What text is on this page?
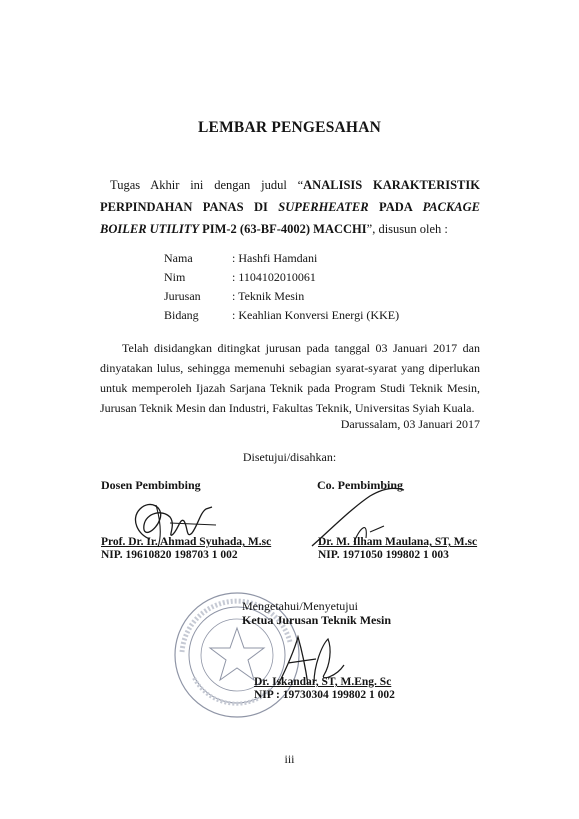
LEMBAR PENGESAHAN
Tugas Akhir ini dengan judul “ANALISIS KARAKTERISTIK PERPINDAHAN PANAS DI SUPERHEATER PADA PACKAGE BOILER UTILITY PIM-2 (63-BF-4002) MACCHI”, disusun oleh :
Nama	: Hashfi Hamdani
Nim	: 1104102010061
Jurusan	: Teknik Mesin
Bidang	: Keahlian Konversi Energi (KKE)
Telah disidangkan ditingkat jurusan pada tanggal 03 Januari 2017 dan dinyatakan lulus, sehingga memenuhi sebagian syarat-syarat yang diperlukan untuk memperoleh Ijazah Sarjana Teknik pada Program Studi Teknik Mesin, Jurusan Teknik Mesin dan Industri, Fakultas Teknik, Universitas Syiah Kuala.
Darussalam, 03 Januari 2017
Disetujui/disahkan:
Dosen Pembimbing
Prof. Dr. Ir. Ahmad Syuhada, M.sc
NIP. 19610820 198703 1 002
Co. Pembimbing
Dr. M. Ilham Maulana, ST, M.sc
NIP. 1971050 199802 1 003
Mengetahui/Menyetujui
Ketua Jurusan Teknik Mesin
Dr. Iskandar, ST, M.Eng. Sc
NIP : 19730304 199802 1 002
iii
